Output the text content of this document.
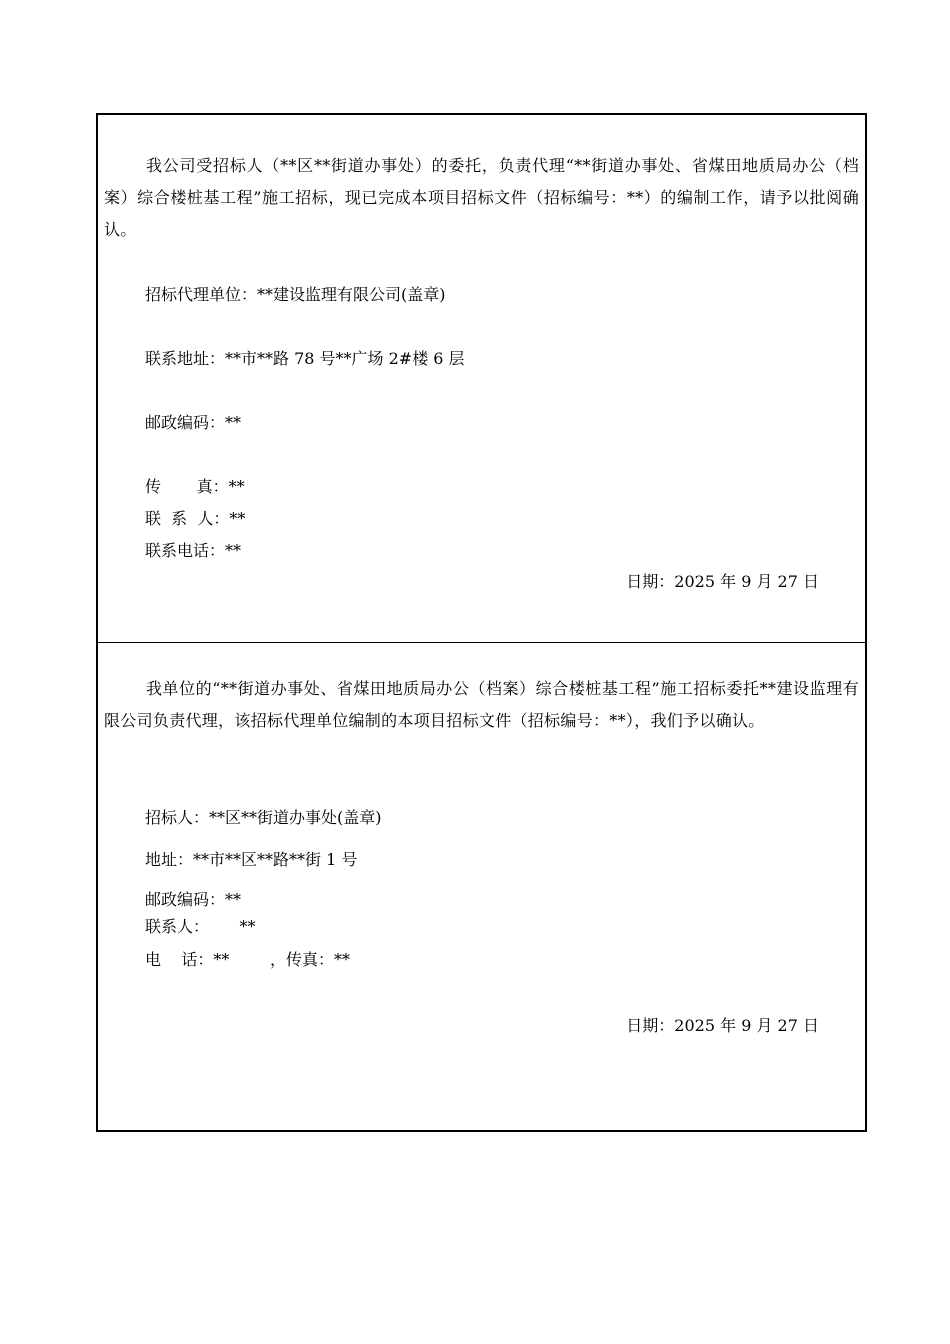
我公司受招标人（**区**街道办事处）的委托，负责代理“**街道办事处、省煤田地质局办公（档案）综合楼桩基工程”施工招标，现已完成本项目招标文件（招标编号：**）的编制工作，请予以批阅确认。

招标代理单位：**建设监理有限公司(盖章)

联系地址：**市**路 78 号**广场 2#楼 6 层

邮政编码：**

传       真：**

联  系  人：**

联系电话：**

日期：2025 年 9 月 27 日

我单位的“**街道办事处、省煤田地质局办公（档案）综合楼桩基工程”施工招标委托**建设监理有限公司负责代理，该招标代理单位编制的本项目招标文件（招标编号：**），我们予以确认。

招标人：**区**街道办事处(盖章)

地址：**市**区**路**街 1 号

邮政编码：**

联系人：      **

电    话：**        ，传真：**

日期：2025 年 9 月 27 日
